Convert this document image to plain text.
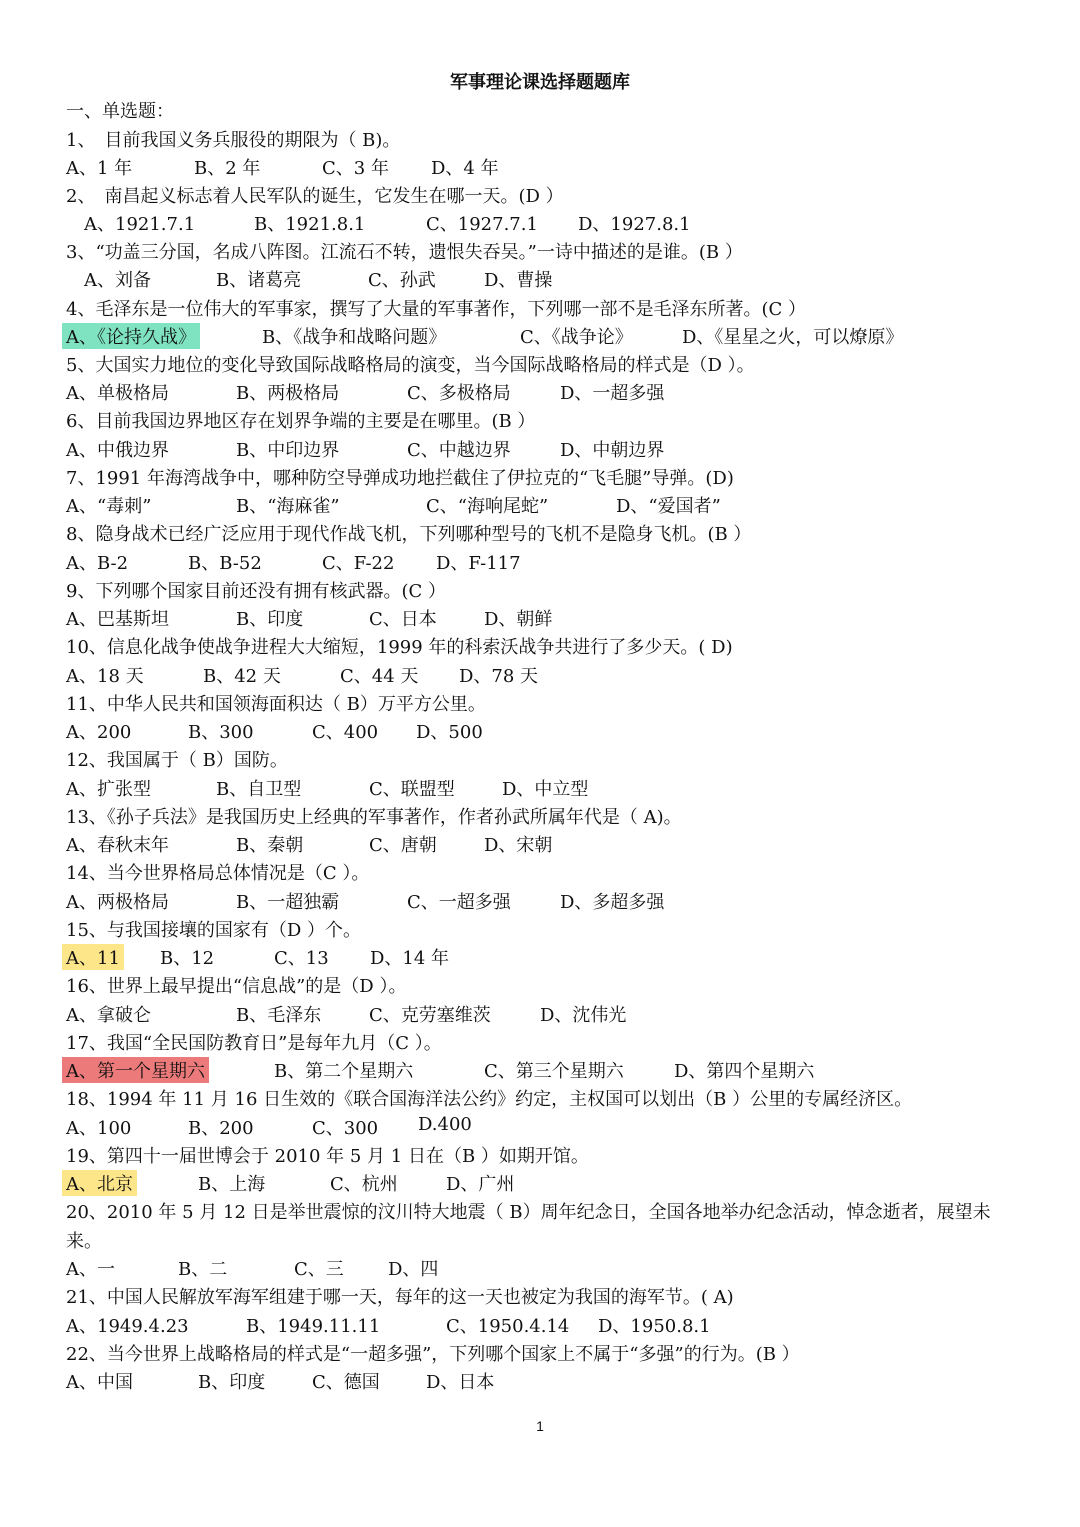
军事理论课选择题题库
一、单选题：
1、　目前我国义务兵服役的期限为（ B)。
A、1 年	B、2 年	C、3 年 D、4 年
2、　南昌起义标志着人民军队的诞生，它发生在哪一天。(D ）
A、1921.7.1	B、1921.8.1	C、1927.7.1 D、1927.8.1
3、“功盖三分国，名成八阵图。江流石不转，遗恨失吞吴。”一诗中描述的是谁。(B ）
A、刘备	B、诸葛亮	C、孙武	D、曹操
4、毛泽东是一位伟大的军事家，撰写了大量的军事著作，下列哪一部不是毛泽东所著。(C ）
A、《论持久战》	B、《战争和战略问题》	C、《战争论》	D、《星星之火，可以燎原》
5、大国实力地位的变化导致国际战略格局的演变，当今国际战略格局的样式是（D ）。
A、单极格局	B、两极格局	C、多极格局	D、一超多强
6、目前我国边界地区存在划界争端的主要是在哪里。(B ）
A、中俄边界	B、中印边界	C、中越边界	D、中朝边界
7、1991 年海湾战争中，哪种防空导弹成功地拦截住了伊拉克的“飞毛腿”导弹。(D)
A、“毒刺”	B、“海麻雀”	C、“海响尾蛇”	D、“爱国者”
8、隐身战术已经广泛应用于现代作战飞机，下列哪种型号的飞机不是隐身飞机。(B ）
A、B-2	B、B-52	C、F-22 D、F-117
9、下列哪个国家目前还没有拥有核武器。(C ）
A、巴基斯坦	B、印度	C、日本	D、朝鲜
10、信息化战争使战争进程大大缩短，1999 年的科索沃战争共进行了多少天。( D)
A、18 天	B、42 天	C、44 天 D、78 天
11、中华人民共和国领海面积达（ B）万平方公里。
A、200	B、300	C、400 D、500
12、我国属于（ B）国防。
A、扩张型	B、自卫型	C、联盟型	D、中立型
13、《孙子兵法》是我国历史上经典的军事著作，作者孙武所属年代是（ A)。
A、春秋末年	B、秦朝	C、唐朝	D、宋朝
14、当今世界格局总体情况是（C ）。
A、两极格局	B、一超独霸	C、一超多强	D、多超多强
15、与我国接壤的国家有（D ）个。
A、11 B、12	C、13 D、14 年
16、世界上最早提出“信息战”的是（D ）。
A、拿破仑	B、毛泽东	C、克劳塞维茨	D、沈伟光
17、我国“全民国防教育日”是每年九月（C ）。
A、第一个星期六	B、第二个星期六	C、第三个星期六	D、第四个星期六
18、1994 年 11 月 16 日生效的《联合国海洋法公约》约定，主权国可以划出（B ）公里的专属经济区。
A、100	B、200	C、300 D.400
19、第四十一届世博会于 2010 年 5 月 1 日在（B ）如期开馆。
A、北京	B、上海	C、杭州	D、广州
20、2010 年 5 月 12 日是举世震惊的汶川特大地震（ B）周年纪念日，全国各地举办纪念活动，悼念逝者，展望未
来。
A、一	B、二	C、三 D、四
21、中国人民解放军海军组建于哪一天，每年的这一天也被定为我国的海军节。( A)
A、1949.4.23	B、1949.11.11	C、1950.4.14 D、1950.8.1
22、当今世界上战略格局的样式是“一超多强”，下列哪个国家上不属于“多强”的行为。(B ）
A、中国	B、印度	C、德国	D、日本
1
